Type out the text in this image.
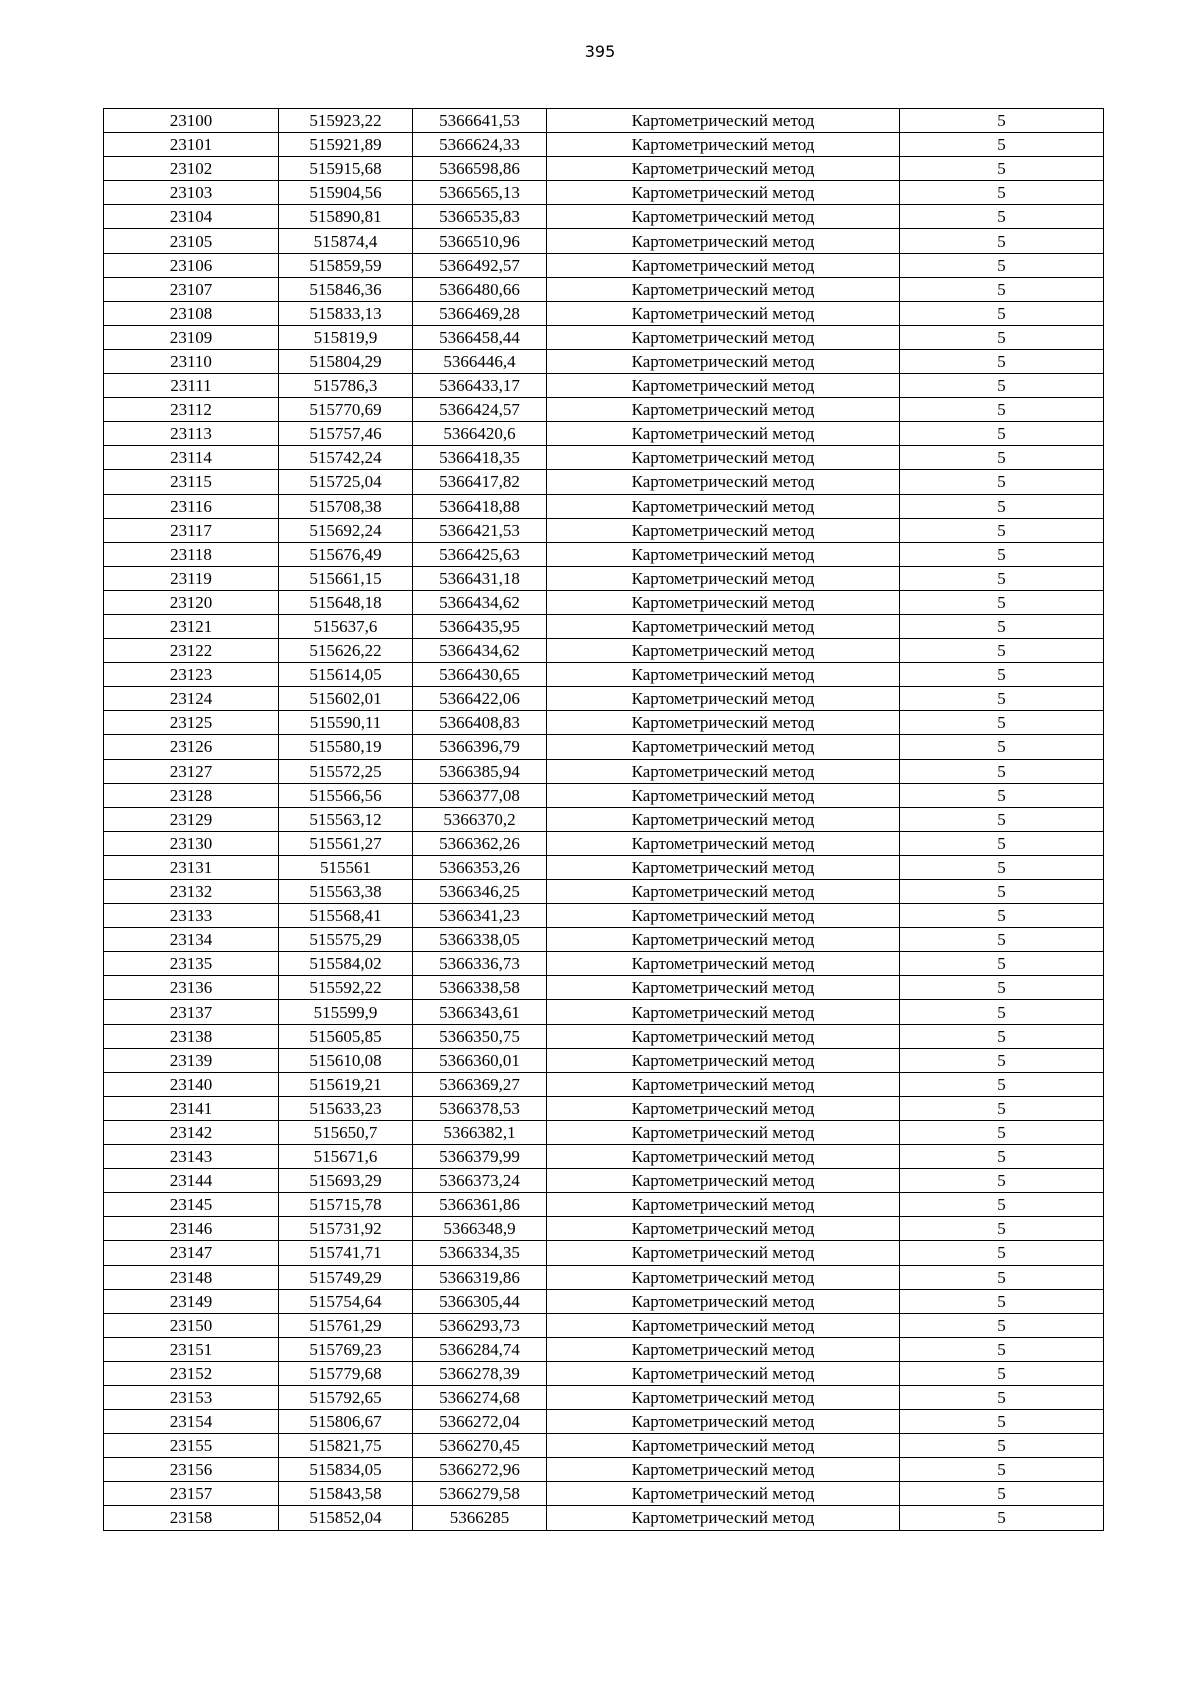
395
23100	515923,22	5366641,53	Картометрический метод	5
23101	515921,89	5366624,33	Картометрический метод	5
23102	515915,68	5366598,86	Картометрический метод	5
23103	515904,56	5366565,13	Картометрический метод	5
23104	515890,81	5366535,83	Картометрический метод	5
23105	515874,4	5366510,96	Картометрический метод	5
23106	515859,59	5366492,57	Картометрический метод	5
23107	515846,36	5366480,66	Картометрический метод	5
23108	515833,13	5366469,28	Картометрический метод	5
23109	515819,9	5366458,44	Картометрический метод	5
23110	515804,29	5366446,4	Картометрический метод	5
23111	515786,3	5366433,17	Картометрический метод	5
23112	515770,69	5366424,57	Картометрический метод	5
23113	515757,46	5366420,6	Картометрический метод	5
23114	515742,24	5366418,35	Картометрический метод	5
23115	515725,04	5366417,82	Картометрический метод	5
23116	515708,38	5366418,88	Картометрический метод	5
23117	515692,24	5366421,53	Картометрический метод	5
23118	515676,49	5366425,63	Картометрический метод	5
23119	515661,15	5366431,18	Картометрический метод	5
23120	515648,18	5366434,62	Картометрический метод	5
23121	515637,6	5366435,95	Картометрический метод	5
23122	515626,22	5366434,62	Картометрический метод	5
23123	515614,05	5366430,65	Картометрический метод	5
23124	515602,01	5366422,06	Картометрический метод	5
23125	515590,11	5366408,83	Картометрический метод	5
23126	515580,19	5366396,79	Картометрический метод	5
23127	515572,25	5366385,94	Картометрический метод	5
23128	515566,56	5366377,08	Картометрический метод	5
23129	515563,12	5366370,2	Картометрический метод	5
23130	515561,27	5366362,26	Картометрический метод	5
23131	515561	5366353,26	Картометрический метод	5
23132	515563,38	5366346,25	Картометрический метод	5
23133	515568,41	5366341,23	Картометрический метод	5
23134	515575,29	5366338,05	Картометрический метод	5
23135	515584,02	5366336,73	Картометрический метод	5
23136	515592,22	5366338,58	Картометрический метод	5
23137	515599,9	5366343,61	Картометрический метод	5
23138	515605,85	5366350,75	Картометрический метод	5
23139	515610,08	5366360,01	Картометрический метод	5
23140	515619,21	5366369,27	Картометрический метод	5
23141	515633,23	5366378,53	Картометрический метод	5
23142	515650,7	5366382,1	Картометрический метод	5
23143	515671,6	5366379,99	Картометрический метод	5
23144	515693,29	5366373,24	Картометрический метод	5
23145	515715,78	5366361,86	Картометрический метод	5
23146	515731,92	5366348,9	Картометрический метод	5
23147	515741,71	5366334,35	Картометрический метод	5
23148	515749,29	5366319,86	Картометрический метод	5
23149	515754,64	5366305,44	Картометрический метод	5
23150	515761,29	5366293,73	Картометрический метод	5
23151	515769,23	5366284,74	Картометрический метод	5
23152	515779,68	5366278,39	Картометрический метод	5
23153	515792,65	5366274,68	Картометрический метод	5
23154	515806,67	5366272,04	Картометрический метод	5
23155	515821,75	5366270,45	Картометрический метод	5
23156	515834,05	5366272,96	Картометрический метод	5
23157	515843,58	5366279,58	Картометрический метод	5
23158	515852,04	5366285	Картометрический метод	5
